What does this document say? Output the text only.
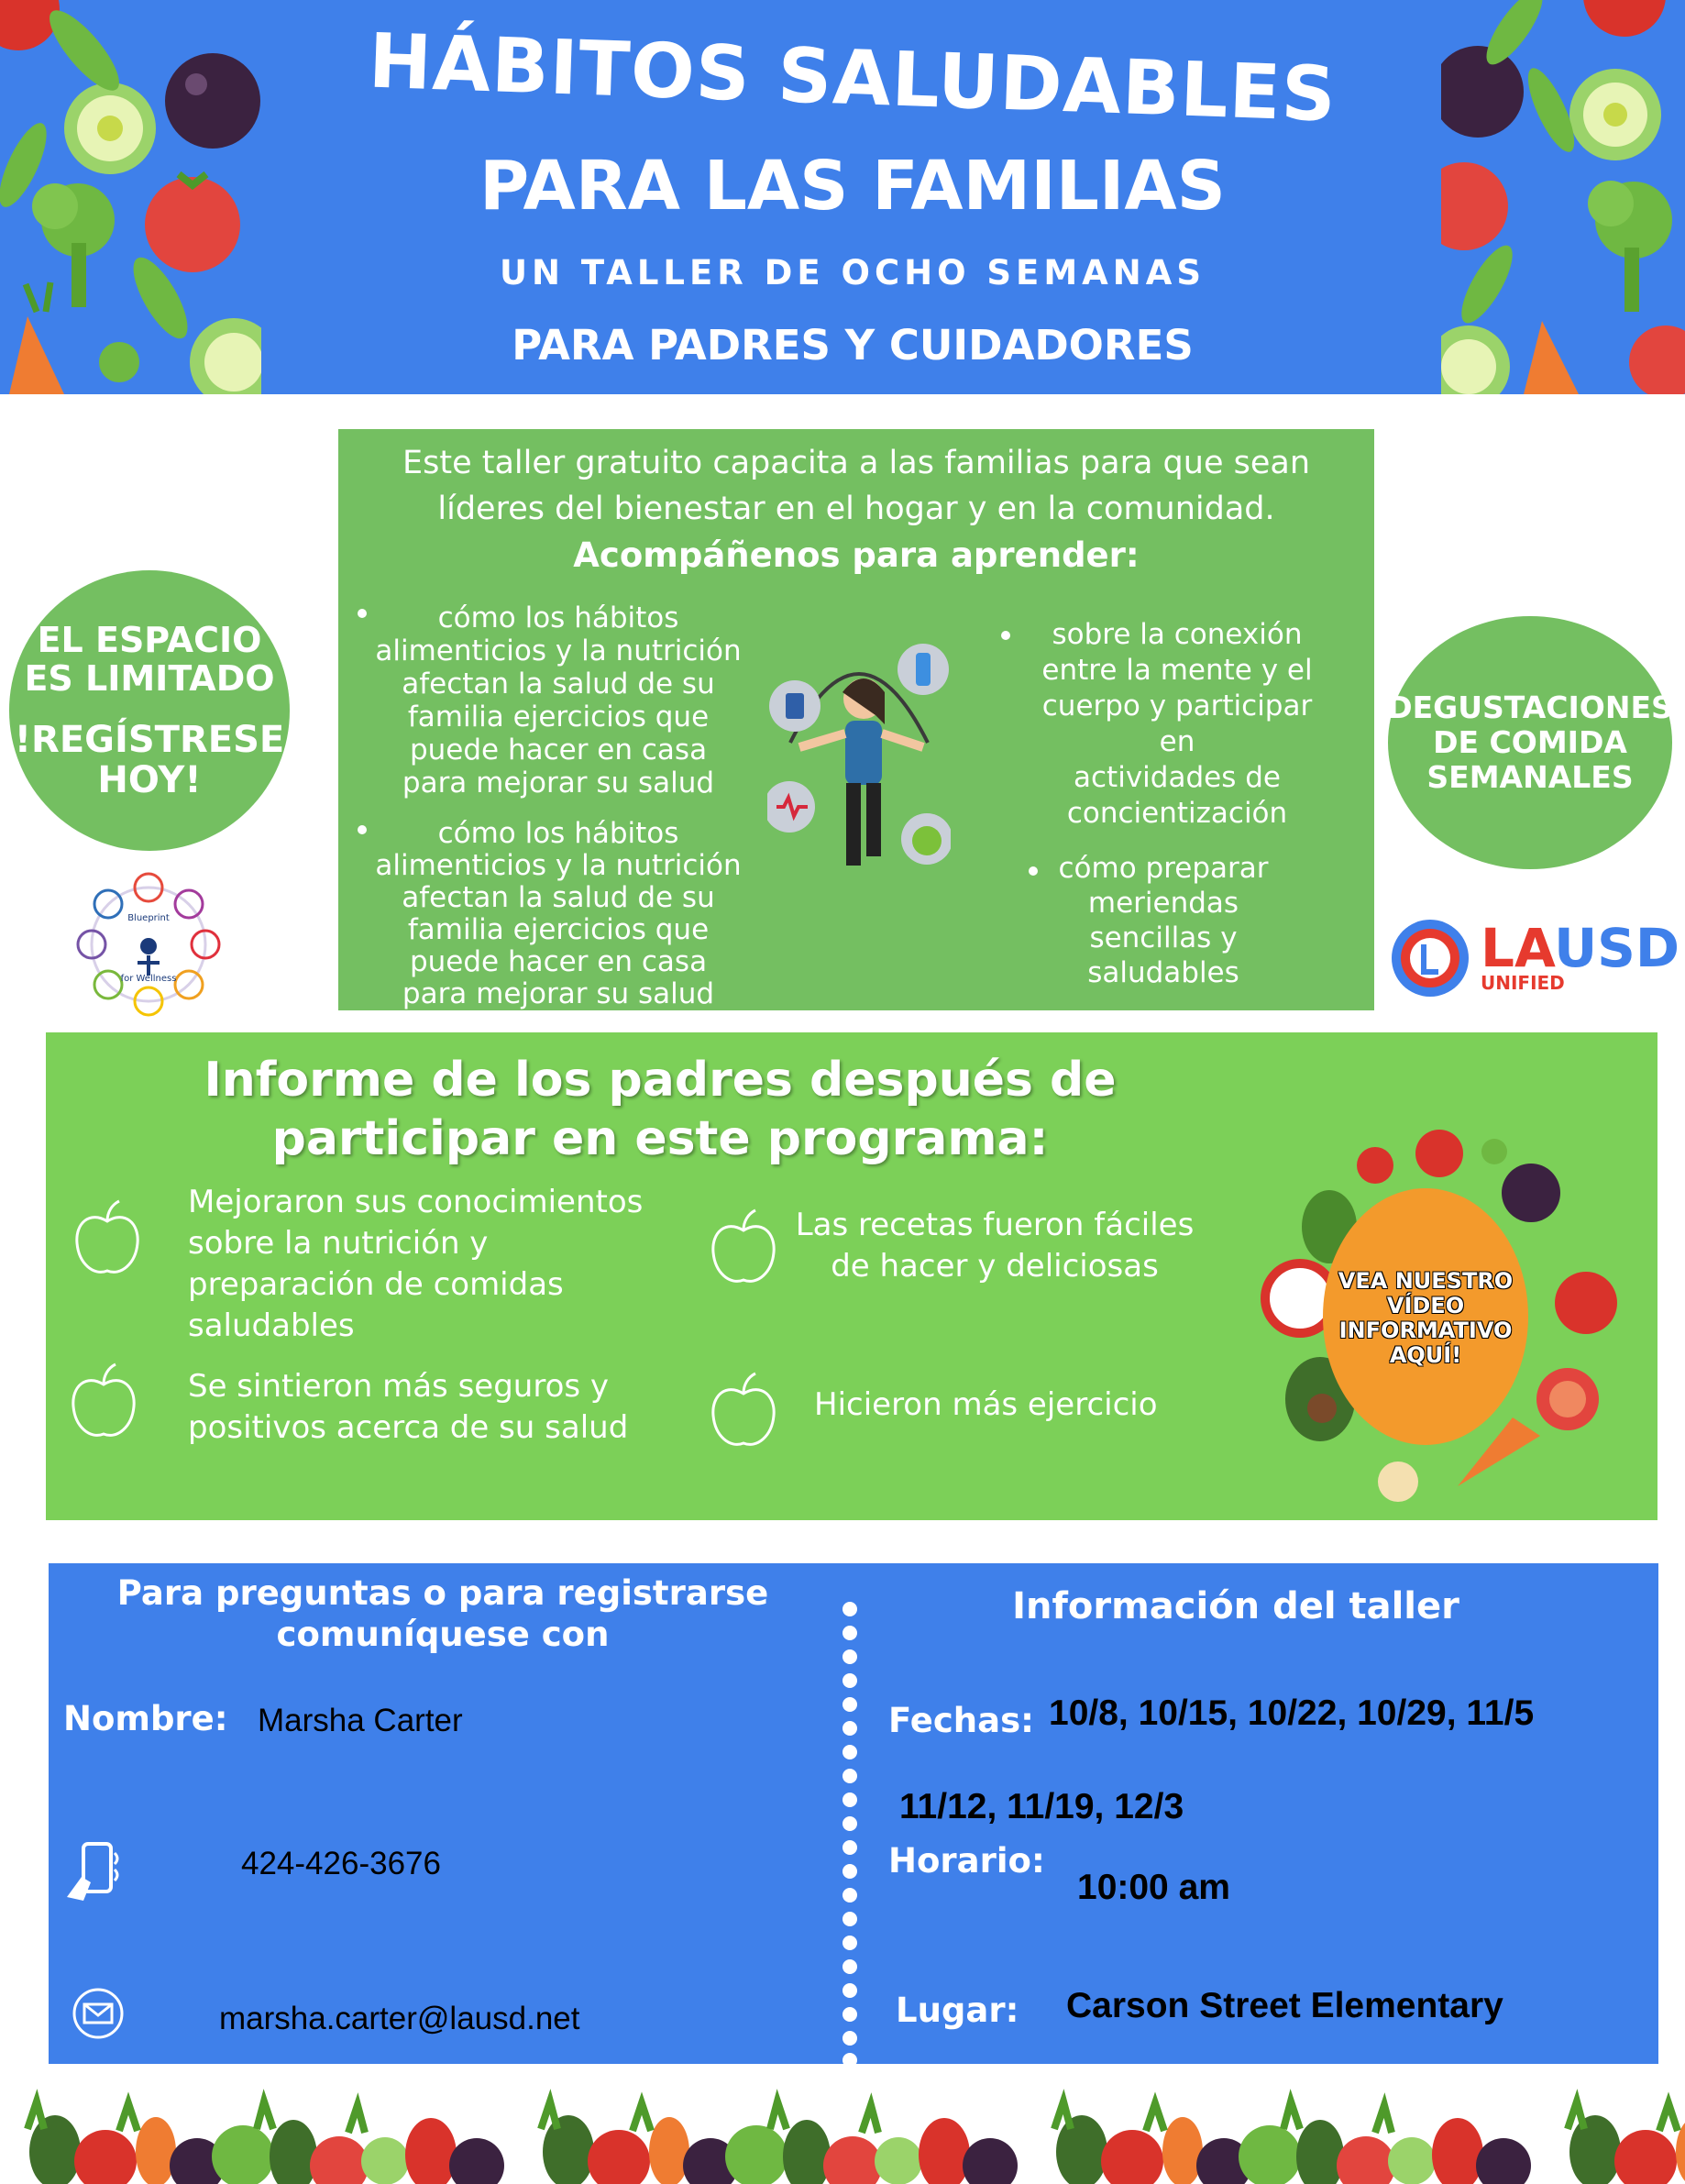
HÁBITOS SALUDABLES
PARA LAS FAMILIAS
UN TALLER DE OCHO SEMANAS
PARA PADRES Y CUIDADORES
EL ESPACIO
ES LIMITADO
!REGÍSTRESE
HOY!
Blueprint
for Wellness
Este taller gratuito capacita a las familias para que sean
líderes del bienestar en el hogar y en la comunidad.
Acompáñenos para aprender:
cómo los hábitos
alimenticios y la nutrición
afectan la salud de su
familia ejercicios que
puede hacer en casa
para mejorar su salud
cómo los hábitos
alimenticios y la nutrición
afectan la salud de su
familia ejercicios que
puede hacer en casa
para mejorar su salud
sobre la conexión
entre la mente y el
cuerpo y participar en
actividades de
concientización
cómo preparar
meriendas
sencillas y
saludables
DEGUSTACIONES
DE COMIDA
SEMANALES
LAUSD
UNIFIED
Informe de los padres después de
participar en este programa:
Mejoraron sus conocimientos
sobre la nutrición y
preparación de comidas
saludables
Se sintieron más seguros y
positivos acerca de su salud
Las recetas fueron fáciles
de hacer y deliciosas
Hicieron más ejercicio
VEA NUESTRO
VÍDEO
INFORMATIVO
AQUÍ!
Para preguntas o para registrarse
comuníquese con
Nombre: Marsha Carter
424-426-3676
marsha.carter@lausd.net
Información del taller
Fechas: 10/8, 10/15, 10/22, 10/29, 11/5
11/12, 11/19, 12/3
Horario:
10:00 am
Lugar: Carson Street Elementary
